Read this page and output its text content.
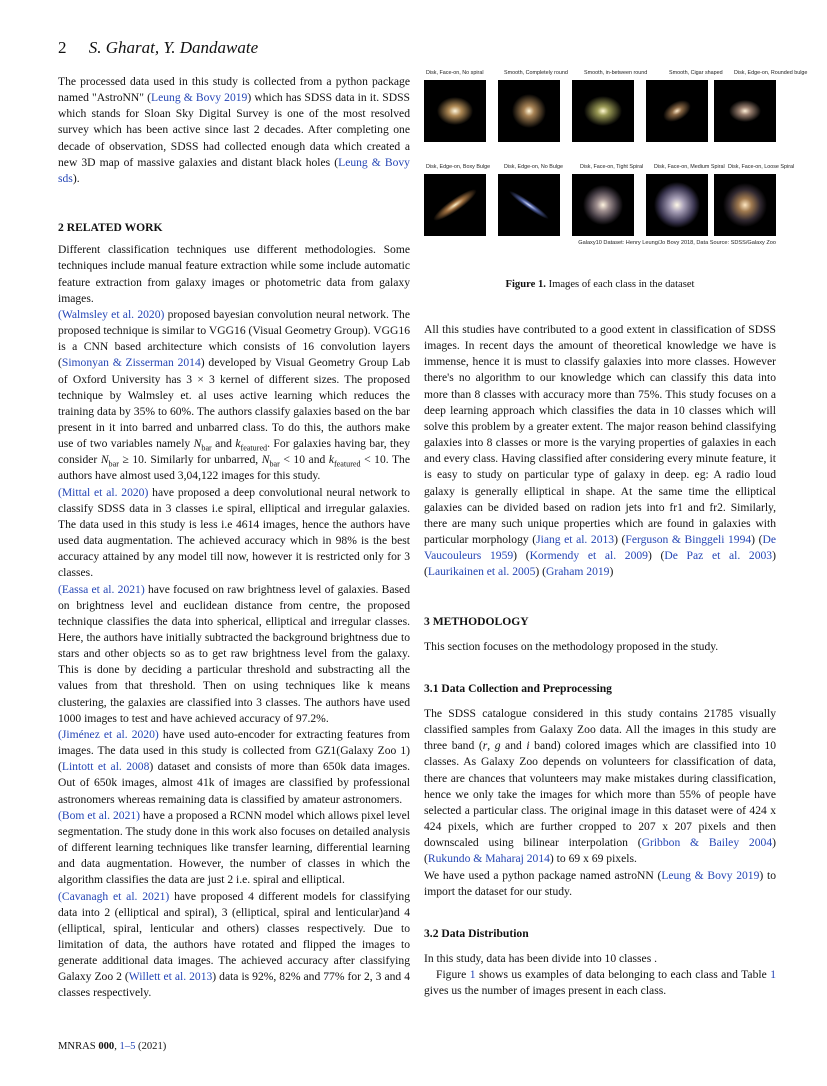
2 S. Gharat, Y. Dandawate
Disk, Face-on, No spiral	Smooth, Completely round	Smooth, in-between round	Smooth, Cigar shaped Disk, Edge-on, Rounded bulge
Disk, Edge-on, Boxy Bulge	Disk, Edge-on, No Bulge	Disk, Face-on, Tight Spiral Disk, Face-on, Medium Spiral Disk, Face-on, Loose Spiral
Galaxy10 Dataset: Henry Leung/Jo Bovy 2018, Data Source: SDSS/Galaxy Zoo
Figure 1. Images of each class in the dataset

The processed data used in this study is collected from a python package named "AstroNN" (Leung & Bovy 2019) which has SDSS data in it. SDSS which stands for Sloan Sky Digital Survey is one of the most resolved survey which has been active since last 2 decades. After completing one decade of observation, SDSS had collected enough data which created a new 3D map of massive galaxies and distant black holes (Leung & Bovy sds).

2 RELATED WORK

Different classification techniques use different methodologies. Some techniques include manual feature extraction while some include automatic feature extraction from galaxy images or photometric data from galaxy images.

(Walmsley et al. 2020) proposed bayesian convolution neural network. The proposed technique is similar to VGG16 (Visual Geometry Group). VGG16 is a CNN based architecture which consists of 16 convolution layers (Simonyan & Zisserman 2014) developed by Visual Geometry Group Lab of Oxford University has 3 × 3 kernel of different sizes. The proposed technique by Walmsley et. al uses active learning which reduces the training data by 35% to 60%. The authors classify galaxies based on the bar present in it into barred and unbarred class. To do this, the authors make use of two variables namely $N_{bar}$ and $k_{featured}$. For galaxies having bar, they consider $N_{bar} \ge 10$. Similarly for unbarred, $N_{bar} < 10$ and $k_{featured} < 10$. The authors have almost used 3,04,122 images for this study.

(Mittal et al. 2020) have proposed a deep convolutional neural network to classify SDSS data in 3 classes i.e spiral, elliptical and irregular galaxies. The data used in this study is less i.e 4614 images, hence the authors have used data augmentation. The achieved accuracy which in 98% is the best accuracy attained by any model till now, however it is restricted only for 3 classes.

(Eassa et al. 2021) have focused on raw brightness level of galaxies. Based on brightness level and euclidean distance from centre, the proposed technique classifies the data into spherical, elliptical and irregular classes. Here, the authors have initially subtracted the background brightness due to stars and other objects so as to get raw brightness level from the galaxy. This is done by deciding a particular threshold and substracting all the values from that threshold. Then on using techniques like k means clustering, the galaxies are classified into 3 classes. The authors have used 1000 images to test and have achieved accuracy of 97.2%.

(Jiménez et al. 2020) have used auto-encoder for extracting features from images. The data used in this study is collected from GZ1(Galaxy Zoo 1) (Lintott et al. 2008) dataset and consists of more than 650k data images. Out of 650k images, almost 41k of images are classified by professional astronomers whereas remaining data is classified by amateur astronomers.

(Bom et al. 2021) have a proposed a RCNN model which allows pixel level segmentation. The study done in this work also focuses on detailed analysis of different learning techniques like transfer learning, differential learning and data augmentation. However, the number of classes in which the algorithm classifies the data are just 2 i.e. spiral and elliptical.

(Cavanagh et al. 2021) have proposed 4 different models for classifying data into 2 (elliptical and spiral), 3 (elliptical, spiral and lenticular)and 4 (elliptical, spiral, lenticular and others) classes respectively. Due to limitation of data, the authors have rotated and flipped the images to generate additional data images. The achieved accuracy after classifying Galaxy Zoo 2 (Willett et al. 2013) data is 92%, 82% and 77% for 2, 3 and 4 classes respectively.

All this studies have contributed to a good extent in classification of SDSS images. In recent days the amount of theoretical knowledge we have is immense, hence it is must to classify galaxies into more classes. However there's no algorithm to our knowledge which can classify this data into more than 8 classes with accuracy more than 75%. This study focuses on a deep learning approach which classifies the data in 10 classes which will solve this problem by a greater extent. The major reason behind classifying galaxies into 8 classes or more is the varying properties of galaxies in each and every class. Having classified after considering every minute feature, it is easy to study on particular type of galaxy in deep. eg: A radio loud galaxy is generally elliptical in shape. At the same time the elliptical galaxies can be divided based on radion jets into fr1 and fr2. Similarly, there are many such unique properties which are found in galaxies with particular morphology (Jiang et al. 2013) (Ferguson & Binggeli 1994) (De Vaucouleurs 1959) (Kormendy et al. 2009) (De Paz et al. 2003) (Laurikainen et al. 2005) (Graham 2019)

3 METHODOLOGY

This section focuses on the methodology proposed in the study.

3.1 Data Collection and Preprocessing

The SDSS catalogue considered in this study contains 21785 visually classified samples from Galaxy Zoo data. All the images in this study are three band (r, g and i band) colored images which are classified into 10 classes. As Galaxy Zoo depends on volunteers for classification of data, there are chances that volunteers may make mistakes during classification, hence we only take the images for which more than 55% of people have selected a particular class. The original image in this dataset were of 424 x 424 pixels, which are further cropped to 207 x 207 pixels and then downscaled using bilinear interpolation (Gribbon & Bailey 2004) (Rukundo & Maharaj 2014) to 69 x 69 pixels.

We have used a python package named astroNN (Leung & Bovy 2019) to import the dataset for our study.

3.2 Data Distribution

In this study, data has been divide into 10 classes .

Figure 1 shows us examples of data belonging to each class and Table 1 gives us the number of images present in each class.

MNRAS 000, 1–5 (2021)
